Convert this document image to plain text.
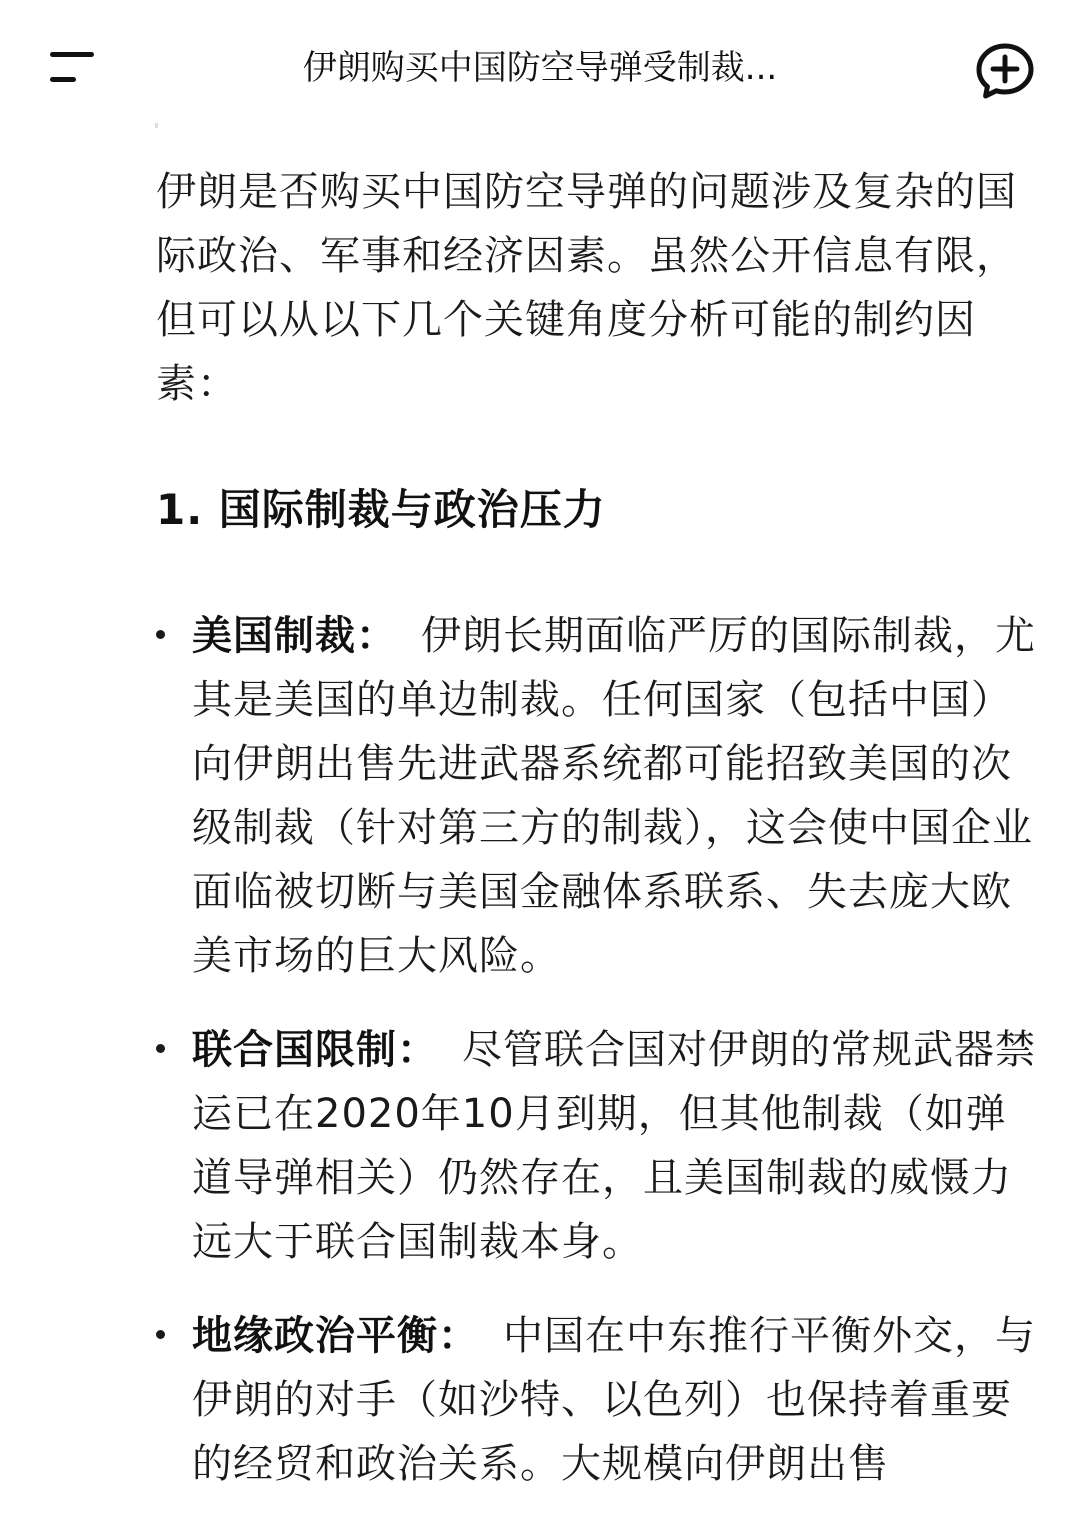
伊朗购买中国防空导弹受制裁...

伊朗是否购买中国防空导弹的问题涉及复杂的国际政治、军事和经济因素。虽然公开信息有限，但可以从以下几个关键角度分析可能的制约因素：

1. 国际制裁与政治压力
美国制裁： 伊朗长期面临严厉的国际制裁，尤其是美国的单边制裁。任何国家（包括中国）向伊朗出售先进武器系统都可能招致美国的次级制裁（针对第三方的制裁），这会使中国企业面临被切断与美国金融体系联系、失去庞大欧美市场的巨大风险。
联合国限制： 尽管联合国对伊朗的常规武器禁运已在2020年10月到期，但其他制裁（如弹道导弹相关）仍然存在，且美国制裁的威慑力远大于联合国制裁本身。
地缘政治平衡： 中国在中东推行平衡外交，与伊朗的对手（如沙特、以色列）也保持着重要的经贸和政治关系。大规模向伊朗出售
